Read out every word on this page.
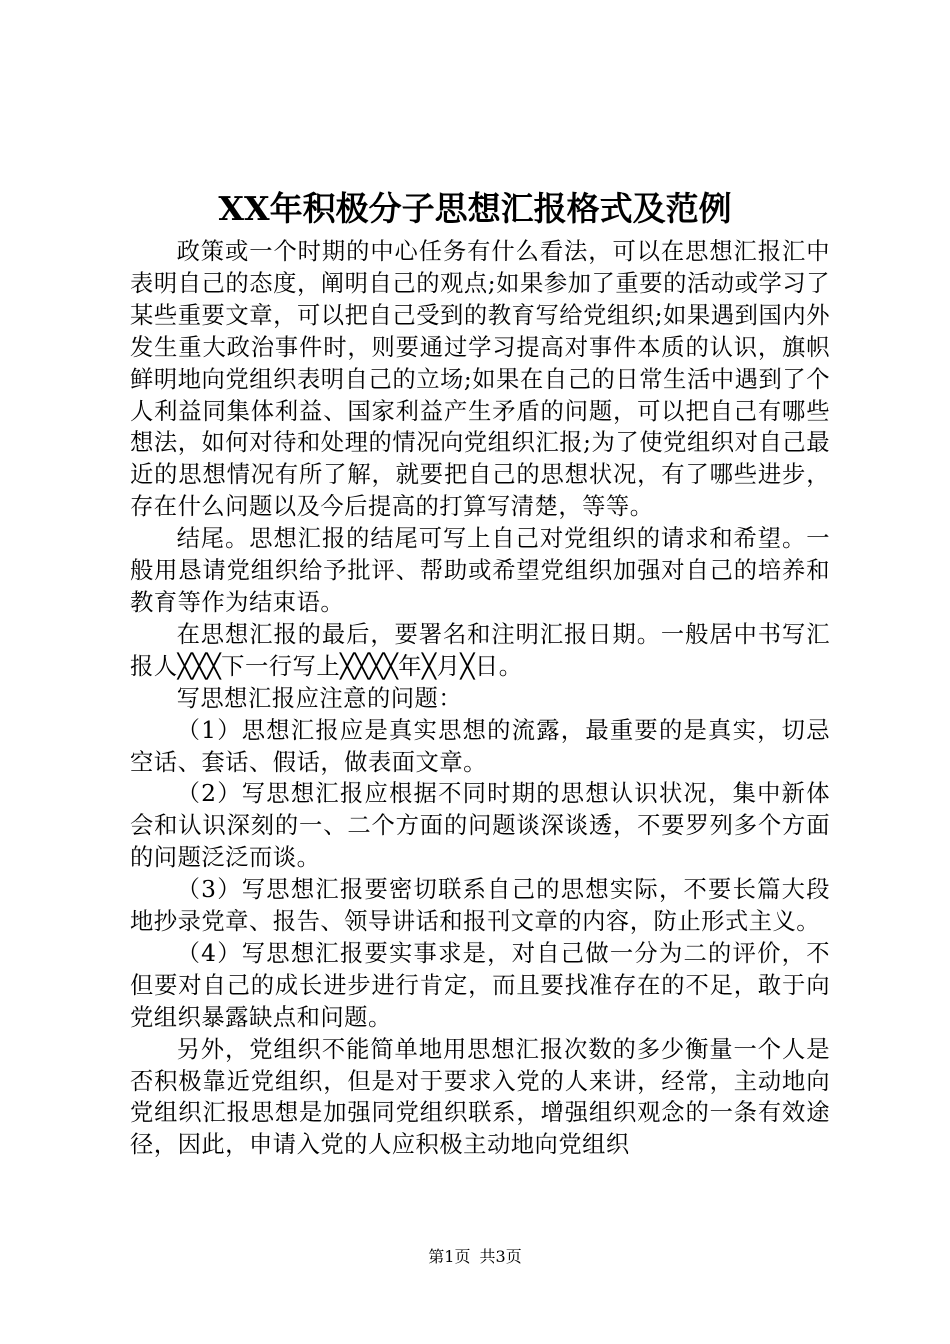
XX年积极分子思想汇报格式及范例

政策或一个时期的中心任务有什么看法，可以在思想汇报汇中表明自己的态度，阐明自己的观点;如果参加了重要的活动或学习了某些重要文章，可以把自己受到的教育写给党组织;如果遇到国内外发生重大政治事件时，则要通过学习提高对事件本质的认识，旗帜鲜明地向党组织表明自己的立场;如果在自己的日常生活中遇到了个人利益同集体利益、国家利益产生矛盾的问题，可以把自己有哪些想法，如何对待和处理的情况向党组织汇报;为了使党组织对自己最近的思想情况有所了解，就要把自己的思想状况，有了哪些进步，存在什么问题以及今后提高的打算写清楚，等等。

结尾。思想汇报的结尾可写上自己对党组织的请求和希望。一般用恳请党组织给予批评、帮助或希望党组织加强对自己的培养和教育等作为结束语。

在思想汇报的最后，要署名和注明汇报日期。一般居中书写汇报人╳╳╳下一行写上╳╳╳╳年╳月╳日。

写思想汇报应注意的问题：

（1）思想汇报应是真实思想的流露，最重要的是真实，切忌空话、套话、假话，做表面文章。

（2）写思想汇报应根据不同时期的思想认识状况，集中新体会和认识深刻的一、二个方面的问题谈深谈透，不要罗列多个方面的问题泛泛而谈。

（3）写思想汇报要密切联系自己的思想实际，不要长篇大段地抄录党章、报告、领导讲话和报刊文章的内容，防止形式主义。

（4）写思想汇报要实事求是，对自己做一分为二的评价，不但要对自己的成长进步进行肯定，而且要找准存在的不足，敢于向党组织暴露缺点和问题。

另外，党组织不能简单地用思想汇报次数的多少衡量一个人是否积极靠近党组织，但是对于要求入党的人来讲，经常，主动地向党组织汇报思想是加强同党组织联系，增强组织观念的一条有效途径，因此，申请入党的人应积极主动地向党组织

第1页 共3页
